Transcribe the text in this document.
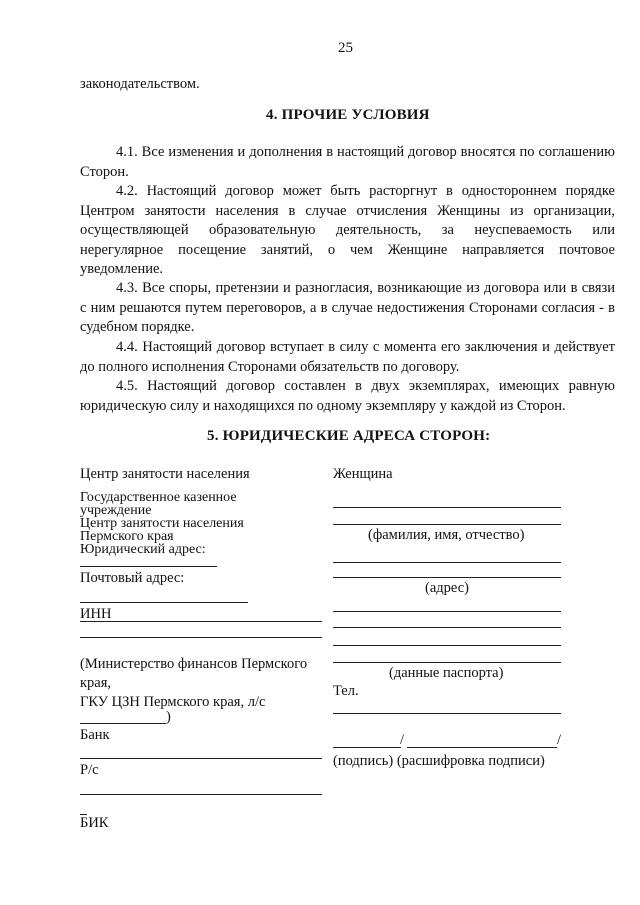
25
законодательством.
4. ПРОЧИЕ УСЛОВИЯ
4.1. Все изменения и дополнения в настоящий договор вносятся по соглашению Сторон.
4.2. Настоящий договор может быть расторгнут в одностороннем порядке Центром занятости населения в случае отчисления Женщины из организации, осуществляющей образовательную деятельность, за неуспеваемость или нерегулярное посещение занятий, о чем Женщине направляется почтовое уведомление.
4.3. Все споры, претензии и разногласия, возникающие из договора или в связи с ним решаются путем переговоров, а в случае недостижения Сторонами согласия - в судебном порядке.
4.4. Настоящий договор вступает в силу с момента его заключения и действует до полного исполнения Сторонами обязательств по договору.
4.5. Настоящий договор составлен в двух экземплярах, имеющих равную юридическую силу и находящихся по одному экземпляру у каждой из Сторон.
5. ЮРИДИЧЕСКИЕ АДРЕСА СТОРОН:
Центр занятости населения
Государственное казенное
учреждение
Центр занятости населения
Пермского края
Юридический адрес:
Почтовый адрес:
ИНН
(Министерство финансов Пермского
края,
ГКУ ЦЗН Пермского края, л/с
)
Банк
Р/с
БИК
Женщина
(фамилия, имя, отчество)
(адрес)
(данные паспорта)
Тел.
/	/
(подпись) (расшифровка подписи)
